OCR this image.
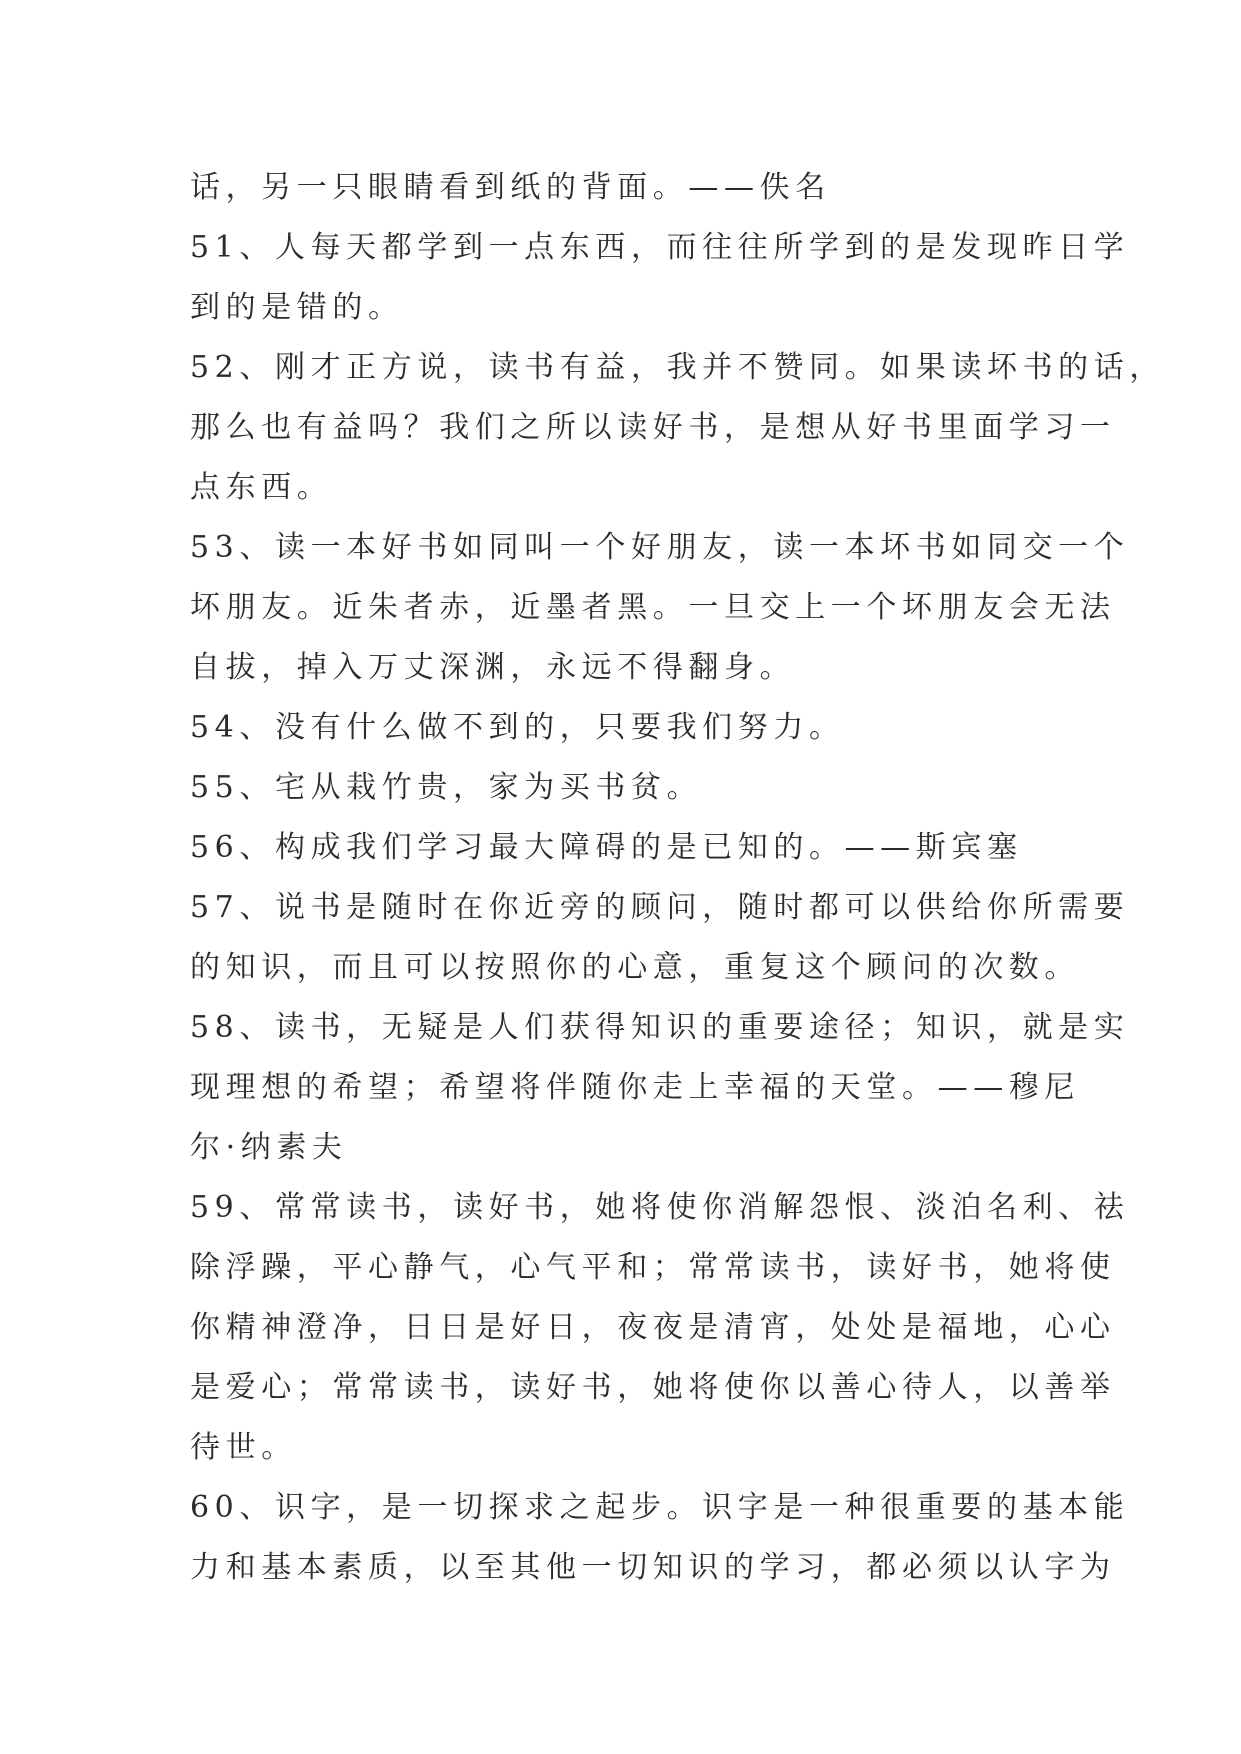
话，另一只眼睛看到纸的背面。——佚名
51、人每天都学到一点东西，而往往所学到的是发现昨日学
到的是错的。
52、刚才正方说，读书有益，我并不赞同。如果读坏书的话，
那么也有益吗？我们之所以读好书，是想从好书里面学习一
点东西。
53、读一本好书如同叫一个好朋友，读一本坏书如同交一个
坏朋友。近朱者赤，近墨者黑。一旦交上一个坏朋友会无法
自拔，掉入万丈深渊，永远不得翻身。
54、没有什么做不到的，只要我们努力。
55、宅从栽竹贵，家为买书贫。
56、构成我们学习最大障碍的是已知的。——斯宾塞
57、说书是随时在你近旁的顾问，随时都可以供给你所需要
的知识，而且可以按照你的心意，重复这个顾问的次数。
58、读书，无疑是人们获得知识的重要途径；知识，就是实
现理想的希望；希望将伴随你走上幸福的天堂。——穆尼
尔·纳素夫
59、常常读书，读好书，她将使你消解怨恨、淡泊名利、祛
除浮躁，平心静气，心气平和；常常读书，读好书，她将使
你精神澄净，日日是好日，夜夜是清宵，处处是福地，心心
是爱心；常常读书，读好书，她将使你以善心待人，以善举
待世。
60、识字，是一切探求之起步。识字是一种很重要的基本能
力和基本素质，以至其他一切知识的学习，都必须以认字为
